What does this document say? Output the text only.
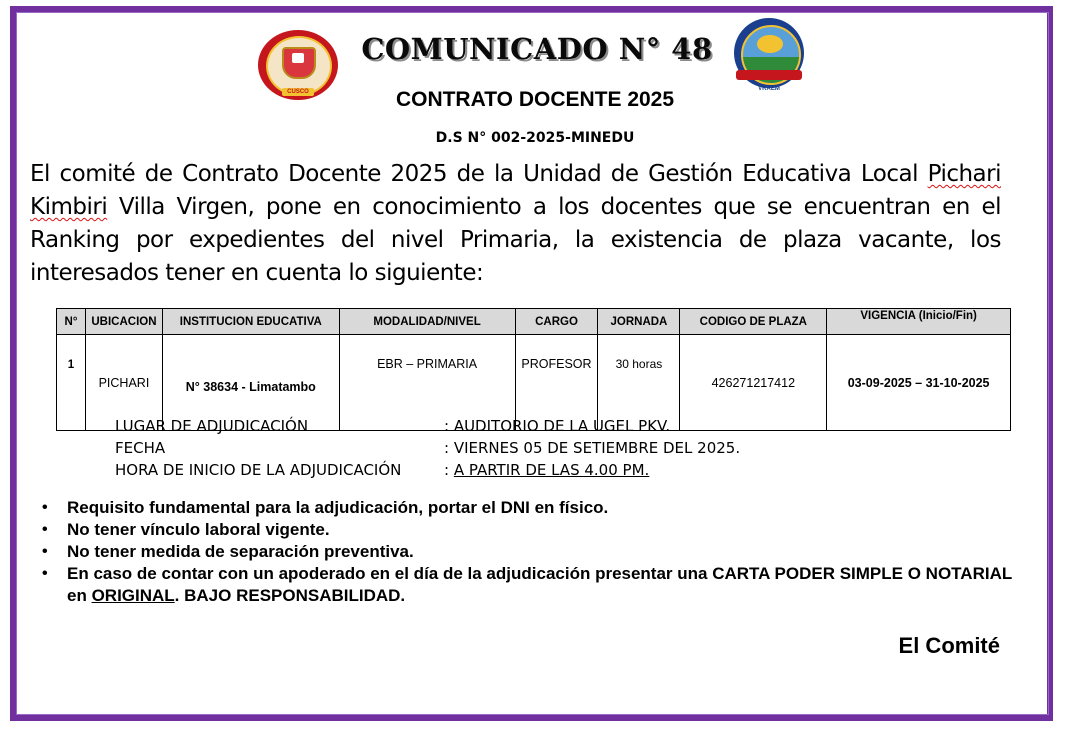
CUSCO	VRAEM
COMUNICADO N° 48
CONTRATO DOCENTE 2025
D.S N° 002-2025-MINEDU

El comité de Contrato Docente 2025 de la Unidad de Gestión Educativa Local Pichari Kimbiri Villa Virgen, pone en conocimiento a los docentes que se encuentran en el Ranking por expedientes del nivel Primaria, la existencia de plaza vacante, los interesados tener en cuenta lo siguiente:

N°	UBICACION	INSTITUCION EDUCATIVA	MODALIDAD/NIVEL	CARGO	JORNADA	CODIGO DE PLAZA	VIGENCIA (Inicio/Fin)
1	PICHARI	N° 38634 - Limatambo	EBR – PRIMARIA	PROFESOR	30 horas	426271217412	03-09-2025 – 31-10-2025
LUGAR DE ADJUDICACIÓN	: AUDITORIO DE LA UGEL PKV.
FECHA	: VIERNES 05 DE SETIEMBRE DEL 2025.
HORA DE INICIO DE LA ADJUDICACIÓN	: A PARTIR DE LAS 4.00 PM.
• Requisito fundamental para la adjudicación, portar el DNI en físico.
• No tener vínculo laboral vigente.
• No tener medida de separación preventiva.
• En caso de contar con un apoderado en el día de la adjudicación presentar una CARTA PODER SIMPLE O NOTARIAL en ORIGINAL. BAJO RESPONSABILIDAD.
El Comité
